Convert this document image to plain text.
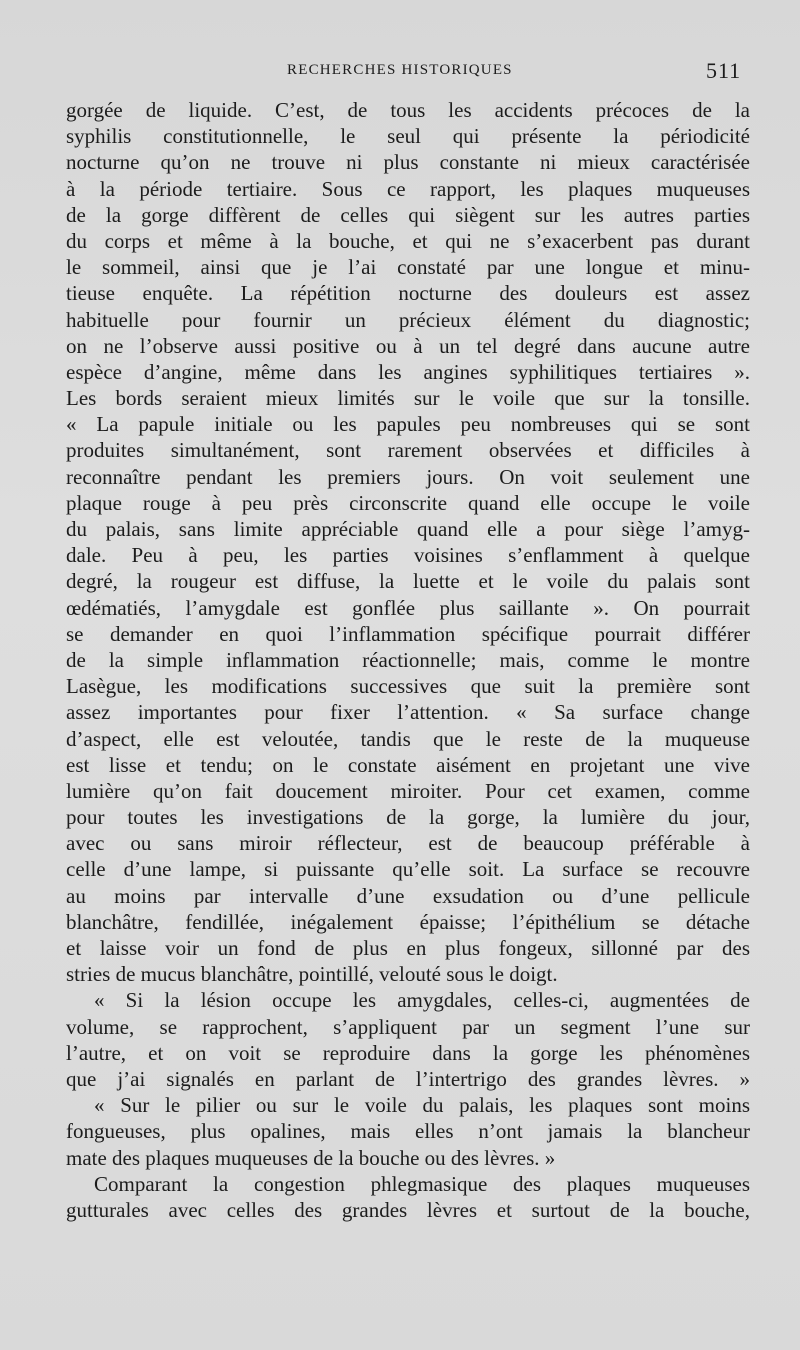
RECHERCHES HISTORIQUES	511
gorgée de liquide. C’est, de tous les accidents précoces de la
syphilis constitutionnelle, le seul qui présente la périodicité
nocturne qu’on ne trouve ni plus constante ni mieux caractérisée
à la période tertiaire. Sous ce rapport, les plaques muqueuses
de la gorge diffèrent de celles qui siègent sur les autres parties
du corps et même à la bouche, et qui ne s’exacerbent pas durant
le sommeil, ainsi que je l’ai constaté par une longue et minu-
tieuse enquête. La répétition nocturne des douleurs est assez
habituelle pour fournir un précieux élément du diagnostic;
on ne l’observe aussi positive ou à un tel degré dans aucune autre
espèce d’angine, même dans les angines syphilitiques tertiaires ».
Les bords seraient mieux limités sur le voile que sur la tonsille.
« La papule initiale ou les papules peu nombreuses qui se sont
produites simultanément, sont rarement observées et difficiles à
reconnaître pendant les premiers jours. On voit seulement une
plaque rouge à peu près circonscrite quand elle occupe le voile
du palais, sans limite appréciable quand elle a pour siège l’amyg-
dale. Peu à peu, les parties voisines s’enflamment à quelque
degré, la rougeur est diffuse, la luette et le voile du palais sont
œdématiés, l’amygdale est gonflée plus saillante ». On pourrait
se demander en quoi l’inflammation spécifique pourrait différer
de la simple inflammation réactionnelle; mais, comme le montre
Lasègue, les modifications successives que suit la première sont
assez importantes pour fixer l’attention. « Sa surface change
d’aspect, elle est veloutée, tandis que le reste de la muqueuse
est lisse et tendu; on le constate aisément en projetant une vive
lumière qu’on fait doucement miroiter. Pour cet examen, comme
pour toutes les investigations de la gorge, la lumière du jour,
avec ou sans miroir réflecteur, est de beaucoup préférable à
celle d’une lampe, si puissante qu’elle soit. La surface se recouvre
au moins par intervalle d’une exsudation ou d’une pellicule
blanchâtre, fendillée, inégalement épaisse; l’épithélium se détache
et laisse voir un fond de plus en plus fongeux, sillonné par des
stries de mucus blanchâtre, pointillé, velouté sous le doigt.
« Si la lésion occupe les amygdales, celles-ci, augmentées de
volume, se rapprochent, s’appliquent par un segment l’une sur
l’autre, et on voit se reproduire dans la gorge les phénomènes
que j’ai signalés en parlant de l’intertrigo des grandes lèvres. »
« Sur le pilier ou sur le voile du palais, les plaques sont moins
fongueuses, plus opalines, mais elles n’ont jamais la blancheur
mate des plaques muqueuses de la bouche ou des lèvres. »
Comparant la congestion phlegmasique des plaques muqueuses
gutturales avec celles des grandes lèvres et surtout de la bouche,
